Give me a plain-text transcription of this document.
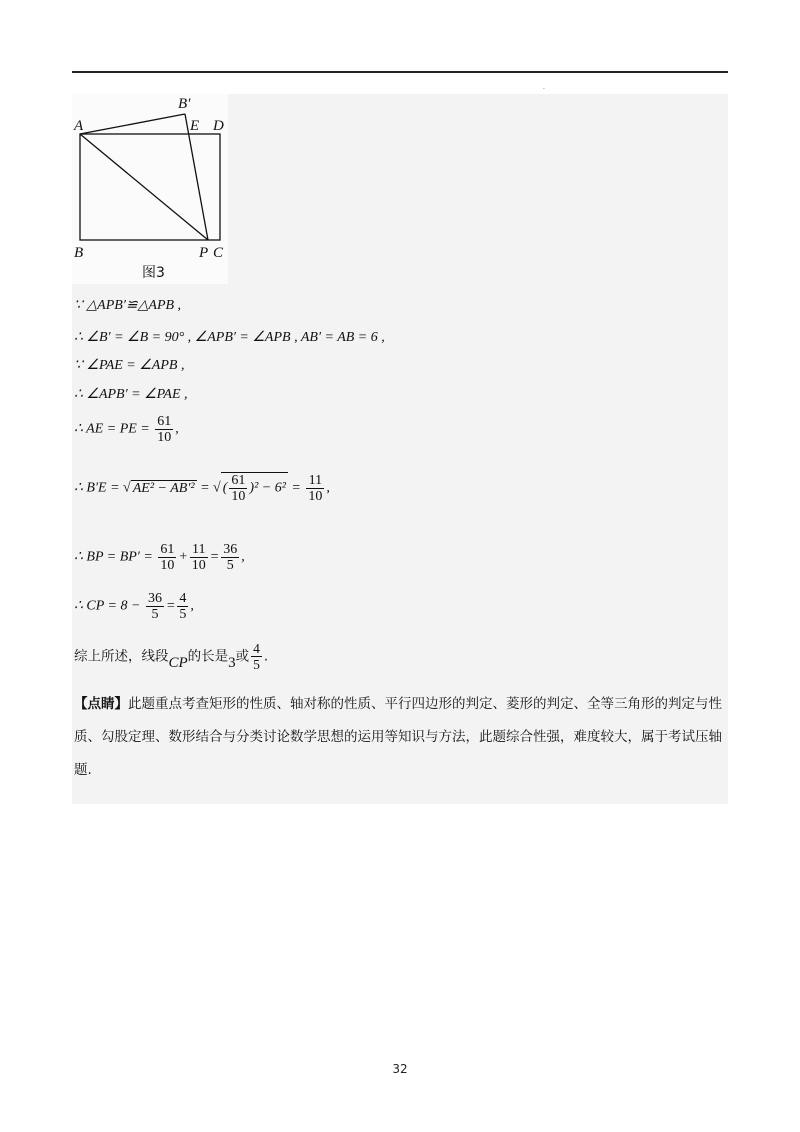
.
A
B′
E D
B	P C
图3
∵ △APB′≌△APB ,
∴ ∠B′ = ∠B = 90° , ∠APB′ = ∠APB , AB′ = AB = 6 ,
∵ ∠PAE = ∠APB ,
∴ ∠APB′ = ∠PAE ,
∴ AE = PE = $\frac{61}{10}$ ,
∴ B′E = √ AE² − AB′² = √ ( $\frac{61}{10} )^2 - 6^2 = \frac{11}{10}$ ,
∴ BP = $BP' = \frac{61}{10} + \frac{11}{10} = \frac{36}{5}$ ,
∴ CP = $8 - \frac{36}{5} = \frac{4}{5}$ ,
综上所述，线段CP的长是3或 $\frac{4}{5}$ .
【点睛】此题重点考查矩形的性质、轴对称的性质、平行四边形的判定、菱形的判定、全等三角形的判定与性质、勾股定理、数形结合与分类讨论数学思想的运用等知识与方法，此题综合性强，难度较大，属于考试压轴题.
32
